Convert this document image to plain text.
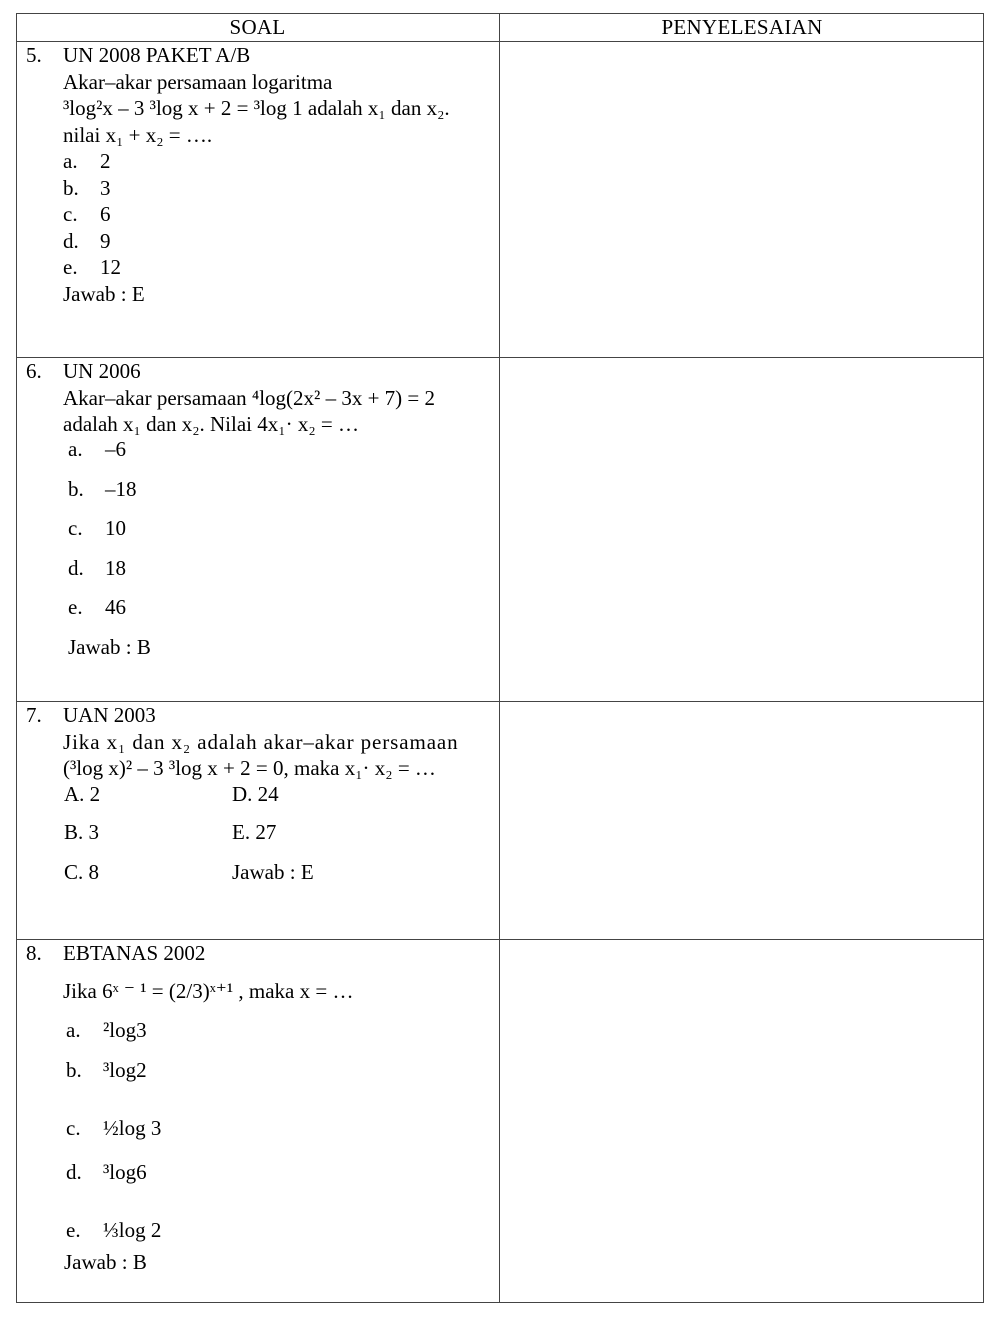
SOAL	PENYELESAIAN
5. UN 2008 PAKET A/B
Akar–akar persamaan logaritma
³log²x – 3 ³log x + 2 = ³log 1 adalah x₁ dan x₂.
nilai x₁ + x₂ = ….
a. 2
b. 3
c. 6
d. 9
e. 12
Jawab : E
6. UN 2006
Akar–akar persamaan ⁴log(2x² – 3x + 7) = 2
adalah x₁ dan x₂. Nilai 4x₁· x₂ = …
a. –6
b. –18
c. 10
d. 18
e. 46
Jawab : B
7. UAN 2003
Jika x₁ dan x₂ adalah akar–akar persamaan
(³log x)² – 3 ³log x + 2 = 0, maka x₁· x₂ = …
A. 2	D. 24
B. 3	E. 27
C. 8	Jawab : E
8. EBTANAS 2002
Jika 6ˣ ⁻ ¹ = (2/3)ˣ⁺¹ , maka x = …
a. ²log3
b. ³log2
c. ½log 3
d. ³log6
e. ⅓log 2
Jawab : B
